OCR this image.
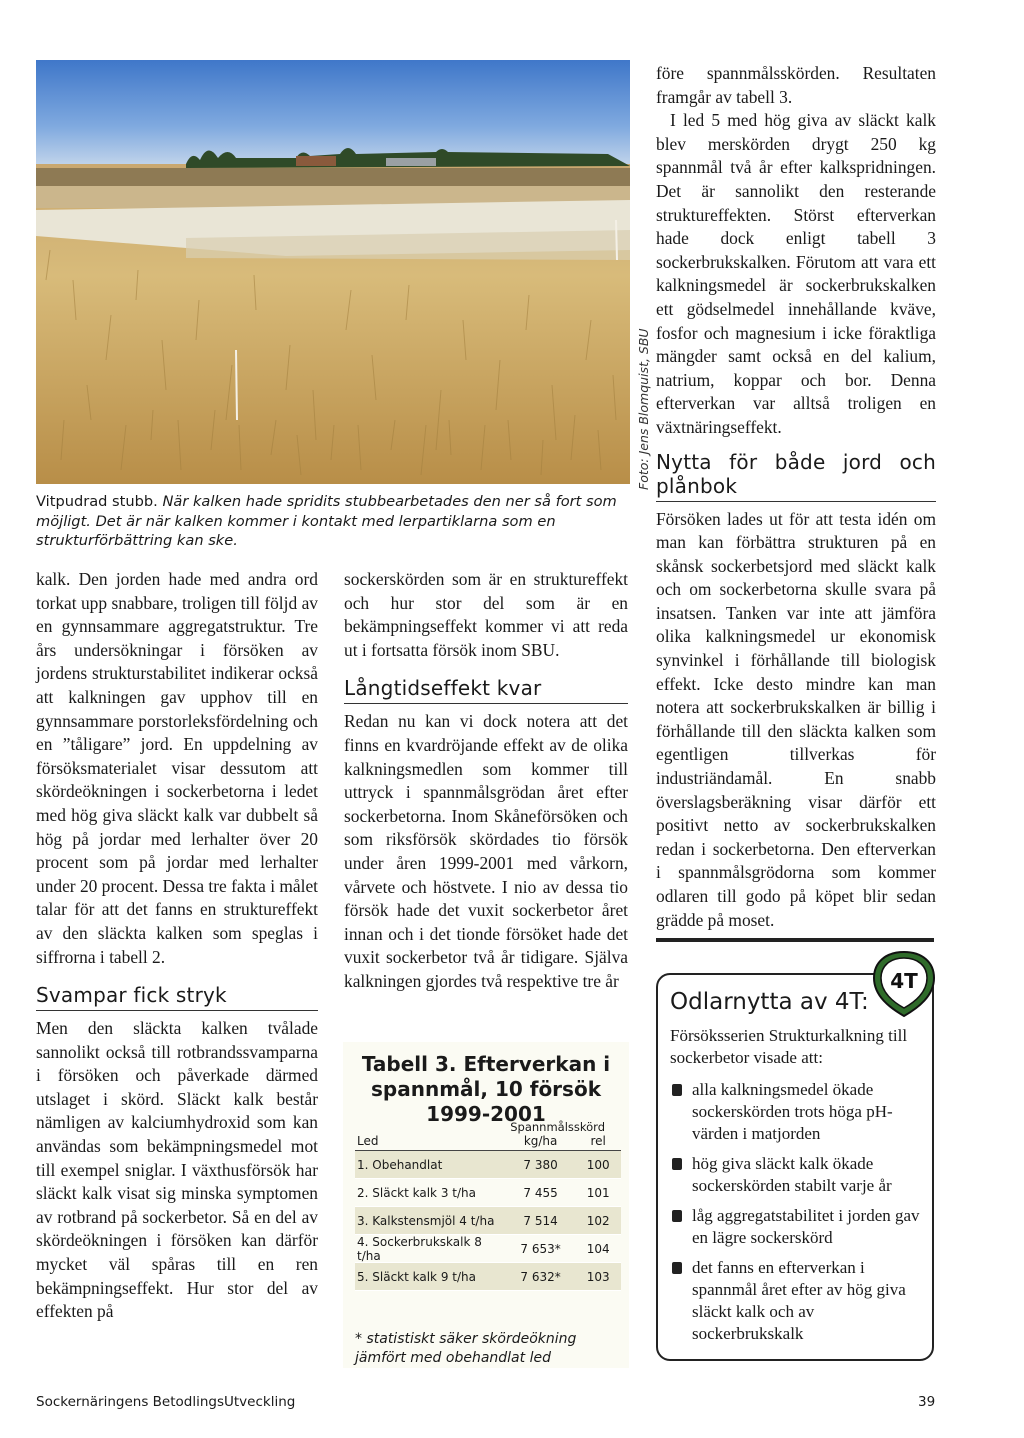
Foto: Jens Blomquist, SBU
Vitpudrad stubb. När kalken hade spridits stubbearbetades den ner så fort som möjligt. Det är när kalken kommer i kontakt med lerpartiklarna som en strukturförbättring kan ske.

kalk. Den jorden hade med andra ord torkat upp snabbare, troligen till följd av en gynnsammare aggregatstruktur. Tre års undersökningar i försöken av jordens strukturstabilitet indikerar också att kalkningen gav upphov till en gynnsammare porstorleksfördelning och en ”tåligare” jord. En uppdelning av försöksmaterialet visar dessutom att skördeökningen i sockerbetorna i ledet med hög giva släckt kalk var dubbelt så hög på jordar med lerhalter över 20 procent som på jordar med lerhalter under 20 procent. Dessa tre fakta i målet talar för att det fanns en struktureffekt av den släckta kalken som speglas i siffrorna i tabell 2.

Svampar fick stryk

Men den släckta kalken tvålade sannolikt också till rotbrandssvamparna i försöken och påverkade därmed utslaget i skörd. Släckt kalk består nämligen av kalciumhydroxid som kan användas som bekämpningsmedel mot till exempel sniglar. I växthusförsök har släckt kalk visat sig minska symptomen av rotbrand på sockerbetor. Så en del av skördeökningen i försöken kan därför mycket väl spåras till en ren bekämpningseffekt. Hur stor del av effekten på

sockerskörden som är en struktureffekt och hur stor del som är en bekämpningseffekt kommer vi att reda ut i fortsatta försök inom SBU.

Långtidseffekt kvar

Redan nu kan vi dock notera att det finns en kvardröjande effekt av de olika kalkningsmedlen som kommer till uttryck i spannmålsgrödan året efter sockerbetorna. Inom Skåneförsöken och som riksförsök skördades tio försök under åren 1999-2001 med vårkorn, vårvete och höstvete. I nio av dessa tio försök hade det vuxit sockerbetor året innan och i det tionde försöket hade det vuxit sockerbetor två år tidigare. Själva kalkningen gjordes två respektive tre år

före spannmålsskörden. Resultaten framgår av tabell 3.

I led 5 med hög giva av släckt kalk blev merskörden drygt 250 kg spannmål två år efter kalkspridningen. Det är sannolikt den resterande struktureffekten. Störst efterverkan hade dock enligt tabell 3 sockerbrukskalken. Förutom att vara ett kalkningsmedel är sockerbrukskalken ett gödselmedel innehållande kväve, fosfor och magnesium i icke föraktliga mängder samt också en del kalium, natrium, koppar och bor. Denna efterverkan var alltså troligen en växtnäringseffekt.

Nytta för både jord och plånbok

Försöken lades ut för att testa idén om man kan förbättra strukturen på en skånsk sockerbetsjord med släckt kalk och om sockerbetorna skulle svara på insatsen. Tanken var inte att jämföra olika kalkningsmedel ur ekonomisk synvinkel i förhållande till biologisk effekt. Icke desto mindre kan man notera att sockerbrukskalken är billig i förhållande till den släckta kalken som egentligen tillverkas för industriändamål. En snabb överslagsberäkning visar därför ett positivt netto av sockerbrukskalken redan i sockerbetorna. Den efterverkan i spannmålsgrödorna som kommer odlaren till godo på köpet blir sedan grädde på moset.

Tabell 3. Efterverkan i spannmål, 10 försök 1999-2001
Spannmålsskörd
Led	kg/ha	rel
1. Obehandlat	7 380	100
2. Släckt kalk 3 t/ha	7 455	101
3. Kalkstensmjöl 4 t/ha	7 514	102
4. Sockerbrukskalk 8 t/ha	7 653*	104
5. Släckt kalk 9 t/ha	7 632*	103
* statistiskt säker skördeökning jämfört med obehandlat led
Odlarnytta av 4T:
Försöksserien Strukturkalkning till sockerbetor visade att:
alla kalkningsmedel ökade sockerskörden trots höga pH-värden i matjorden
hög giva släckt kalk ökade sockerskörden stabilt varje år
låg aggregatstabilitet i jorden gav en lägre sockerskörd
det fanns en efterverkan i spannmål året efter av hög giva släckt kalk och av sockerbrukskalk
4T
Sockernäringens BetodlingsUtveckling	39
